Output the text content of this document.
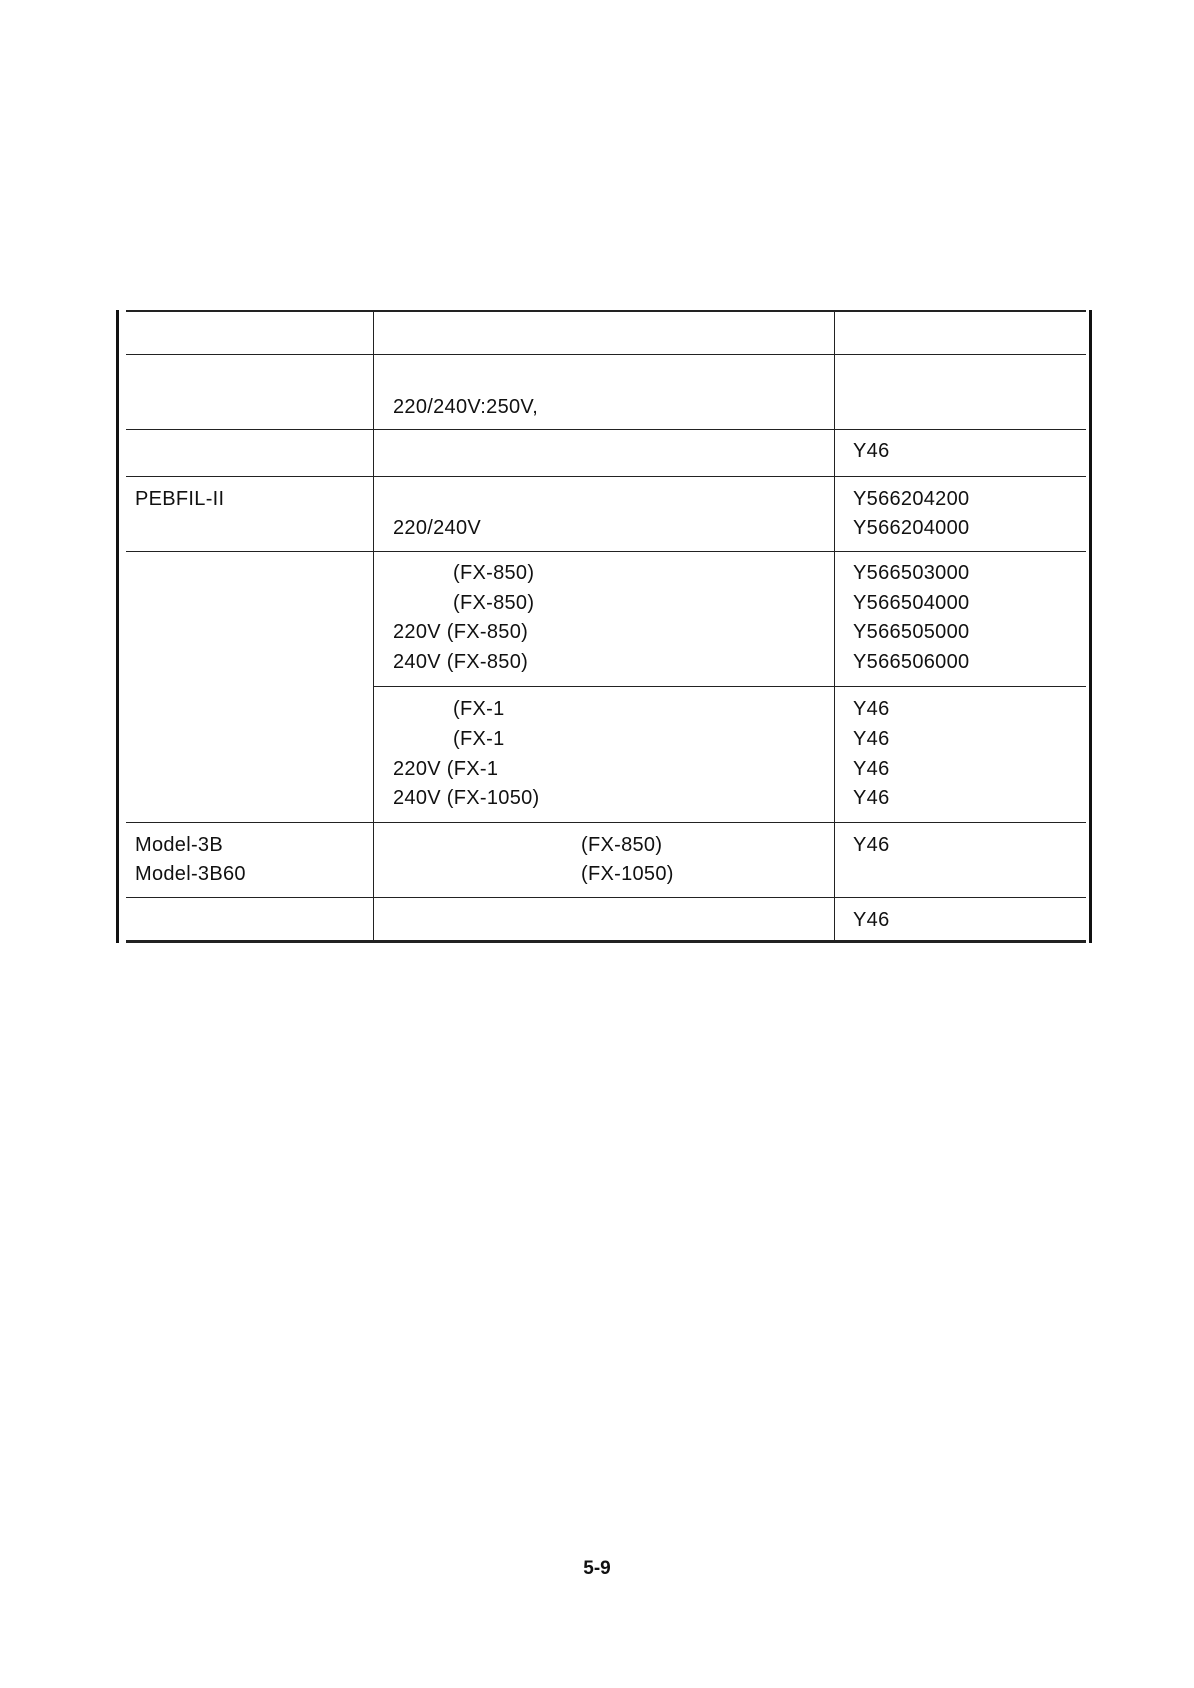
220/240V:250V,
Y46
PEBFIL-II
220/240V
Y566204200
Y566204000
(FX-850)
(FX-850)
220V (FX-850)
240V (FX-850)
Y566503000
Y566504000
Y566505000
Y566506000
(FX-1
(FX-1
220V (FX-1
240V (FX-1050)
Y46
Y46
Y46
Y46
Model-3B
Model-3B60
(FX-850)
(FX-1050)
Y46
Y46
5-9
